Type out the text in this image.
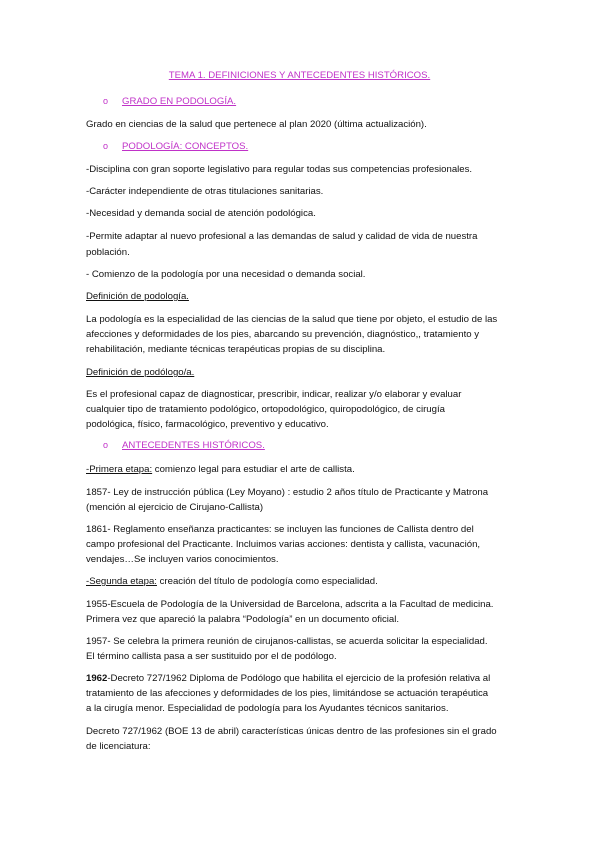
TEMA 1. DEFINICIONES Y ANTECEDENTES HISTÓRICOS.
o GRADO EN PODOLOGÍA.
Grado en ciencias de la salud que pertenece al plan 2020 (última actualización).
o PODOLOGÍA: CONCEPTOS.
-Disciplina con gran soporte legislativo para regular todas sus competencias profesionales.
-Carácter independiente de otras titulaciones sanitarias.
-Necesidad y demanda social de atención podológica.
-Permite adaptar al nuevo profesional a las demandas de salud y calidad de vida de nuestra
población.
- Comienzo de la podología por una necesidad o demanda social.
Definición de podología.
La podología es la especialidad de las ciencias de la salud que tiene por objeto, el estudio de las
afecciones y deformidades de los pies, abarcando su prevención, diagnóstico,, tratamiento y
rehabilitación, mediante técnicas terapéuticas propias de su disciplina.
Definición de podólogo/a.
Es el profesional capaz de diagnosticar, prescribir, indicar, realizar y/o elaborar y evaluar
cualquier tipo de tratamiento podológico, ortopodológico, quiropodológico, de cirugía
podológica, físico, farmacológico, preventivo y educativo.
o ANTECEDENTES HISTÓRICOS.
-Primera etapa: comienzo legal para estudiar el arte de callista.
1857- Ley de instrucción pública (Ley Moyano) : estudio 2 años título de Practicante y Matrona
(mención al ejercicio de Cirujano-Callista)
1861- Reglamento enseñanza practicantes: se incluyen las funciones de Callista dentro del
campo profesional del Practicante. Incluimos varias acciones: dentista y callista, vacunación,
vendajes…Se incluyen varios conocimientos.
-Segunda etapa: creación del título de podología como especialidad.
1955-Escuela de Podología de la Universidad de Barcelona, adscrita a la Facultad de medicina.
Primera vez que apareció la palabra “Podología” en un documento oficial.
1957- Se celebra la primera reunión de cirujanos-callistas, se acuerda solicitar la especialidad.
El término callista pasa a ser sustituido por el de podólogo.
1962-Decreto 727/1962 Diploma de Podólogo que habilita el ejercicio de la profesión relativa al
tratamiento de las afecciones y deformidades de los pies, limitándose se actuación terapéutica
a la cirugía menor. Especialidad de podología para los Ayudantes técnicos sanitarios.
Decreto 727/1962 (BOE 13 de abril) características únicas dentro de las profesiones sin el grado
de licenciatura:
